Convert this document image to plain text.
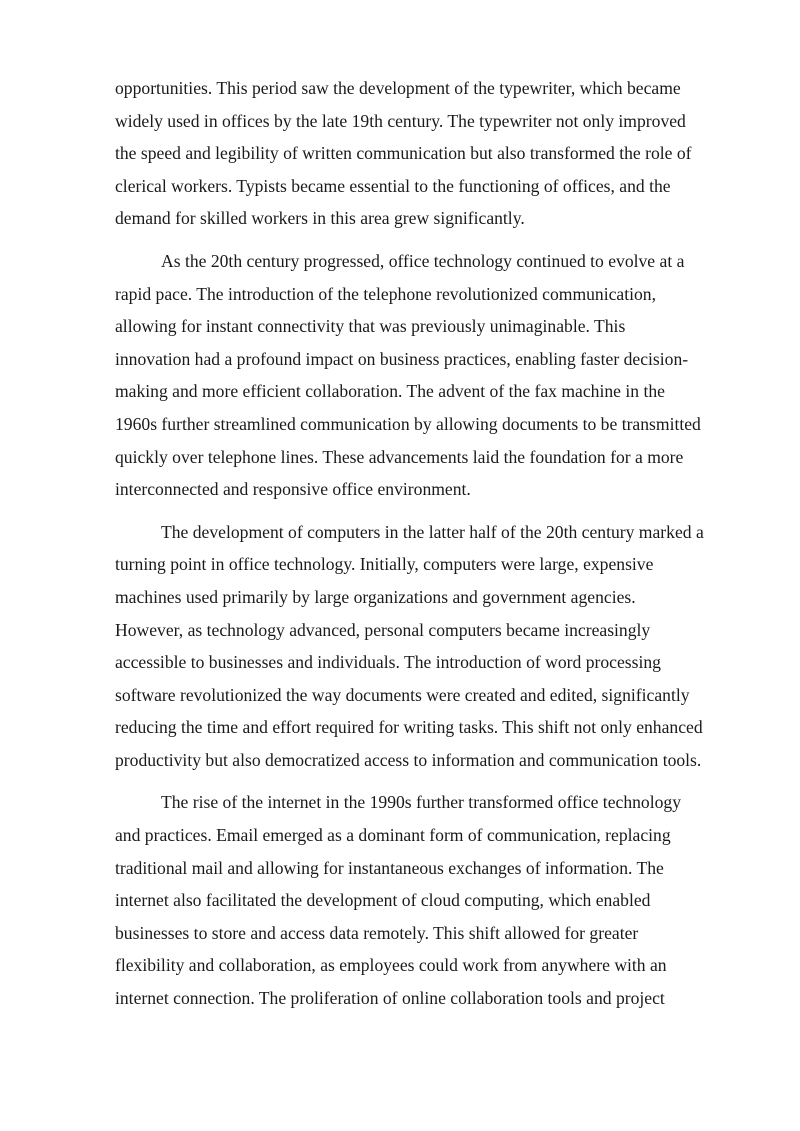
opportunities. This period saw the development of the typewriter, which became
widely used in offices by the late 19th century. The typewriter not only improved
the speed and legibility of written communication but also transformed the role of
clerical workers. Typists became essential to the functioning of offices, and the
demand for skilled workers in this area grew significantly.

As the 20th century progressed, office technology continued to evolve at a
rapid pace. The introduction of the telephone revolutionized communication,
allowing for instant connectivity that was previously unimaginable. This
innovation had a profound impact on business practices, enabling faster decision-
making and more efficient collaboration. The advent of the fax machine in the
1960s further streamlined communication by allowing documents to be transmitted
quickly over telephone lines. These advancements laid the foundation for a more
interconnected and responsive office environment.

The development of computers in the latter half of the 20th century marked a
turning point in office technology. Initially, computers were large, expensive
machines used primarily by large organizations and government agencies.
However, as technology advanced, personal computers became increasingly
accessible to businesses and individuals. The introduction of word processing
software revolutionized the way documents were created and edited, significantly
reducing the time and effort required for writing tasks. This shift not only enhanced
productivity but also democratized access to information and communication tools.

The rise of the internet in the 1990s further transformed office technology
and practices. Email emerged as a dominant form of communication, replacing
traditional mail and allowing for instantaneous exchanges of information. The
internet also facilitated the development of cloud computing, which enabled
businesses to store and access data remotely. This shift allowed for greater
flexibility and collaboration, as employees could work from anywhere with an
internet connection. The proliferation of online collaboration tools and project
